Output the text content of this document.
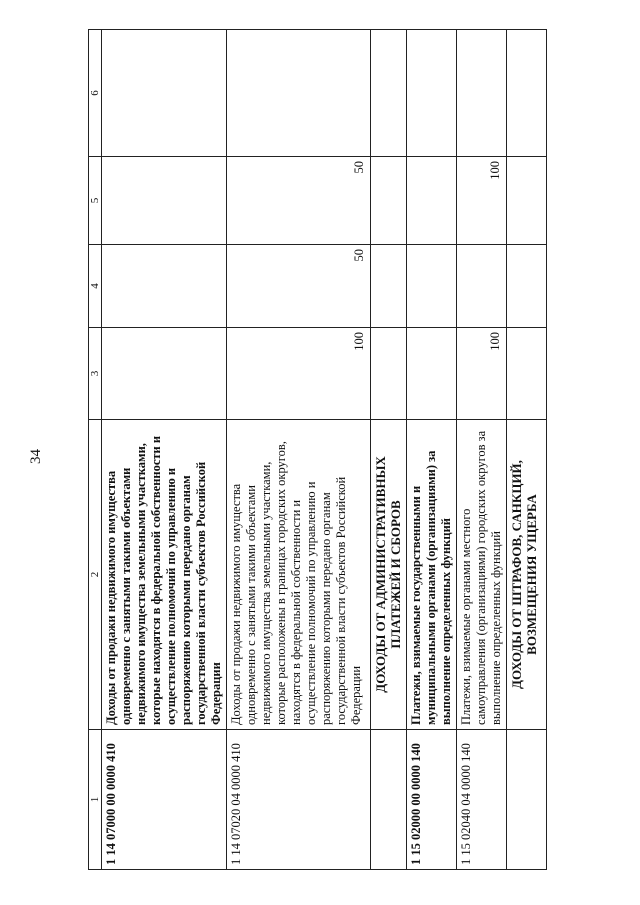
34
1	2	3	4	5	6
1 14 07000 00 0000 410	Доходы от продажи недвижимого имущества одновременно с занятыми такими объектами недвижимого имущества земельными участками, которые находятся в федеральной собственности и осуществление полномочий по управлению и распоряжению которыми передано органам государственной власти субъектов Российской Федерации				
1 14 07020 04 0000 410	Доходы от продажи недвижимого имущества одновременно с занятыми такими объектами недвижимого имущества земельными участками, которые расположены в границах городских округов, находятся в федеральной собственности и осуществление полномочий по управлению и распоряжению которыми передано органам государственной власти субъектов Российской Федерации	100	50	50	
	ДОХОДЫ ОТ АДМИНИСТРАТИВНЫХ ПЛАТЕЖЕЙ И СБОРОВ				
1 15 02000 00 0000 140	Платежи, взимаемые государственными и муниципальными органами (организациями) за выполнение определенных функций				
1 15 02040 04 0000 140	Платежи, взимаемые органами местного самоуправления (организациями) городских округов за выполнение определенных функций	100		100	
	ДОХОДЫ ОТ ШТРАФОВ, САНКЦИЙ, ВОЗМЕЩЕНИЯ УЩЕРБА				
